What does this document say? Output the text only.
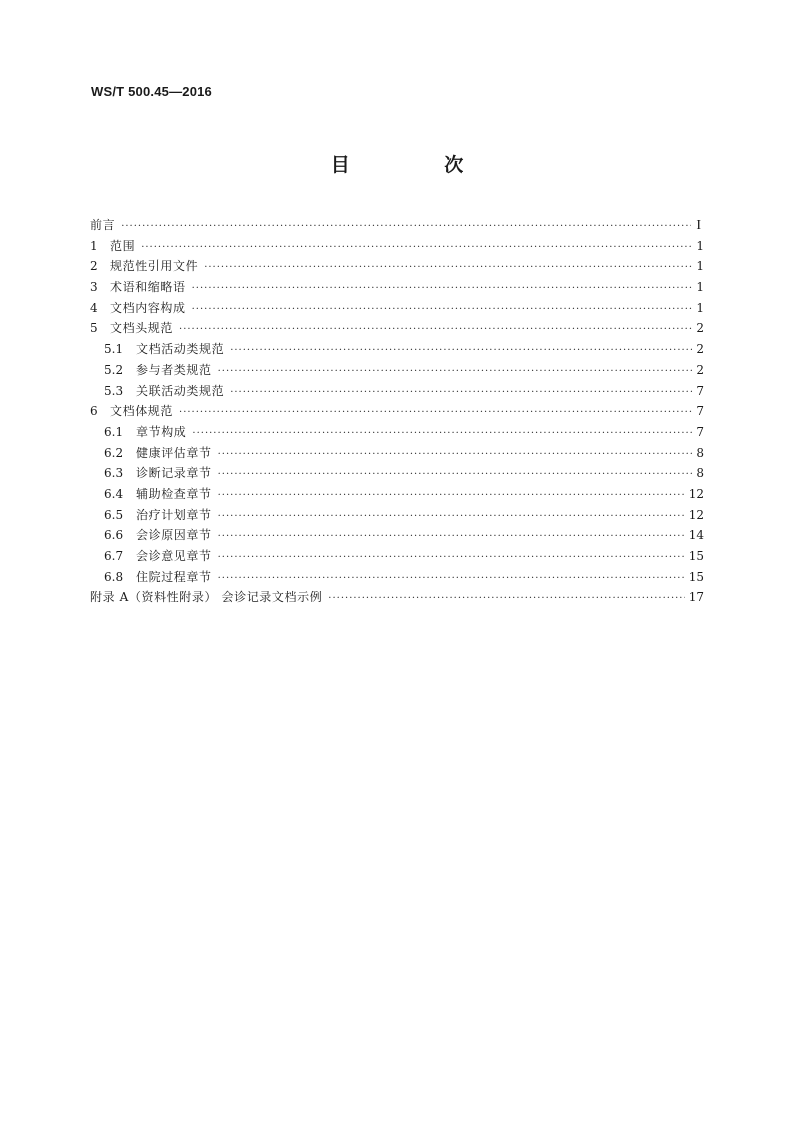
WS/T 500.45—2016
目 次
前言 ·····	I
1 范围 ·····	1
2 规范性引用文件 ·····	1
3 术语和缩略语 ·····	1
4 文档内容构成 ·····	1
5 文档头规范 ·····	2
5.1 文档活动类规范 ·····	2
5.2 参与者类规范 ·····	2
5.3 关联活动类规范 ·····	7
6 文档体规范 ·····	7
6.1 章节构成 ·····	7
6.2 健康评估章节 ·····	8
6.3 诊断记录章节 ·····	8
6.4 辅助检查章节 ·····	12
6.5 治疗计划章节 ·····	12
6.6 会诊原因章节 ·····	14
6.7 会诊意见章节 ·····	15
6.8 住院过程章节 ·····	15
附录 A（资料性附录） 会诊记录文档示例 ·····	17
